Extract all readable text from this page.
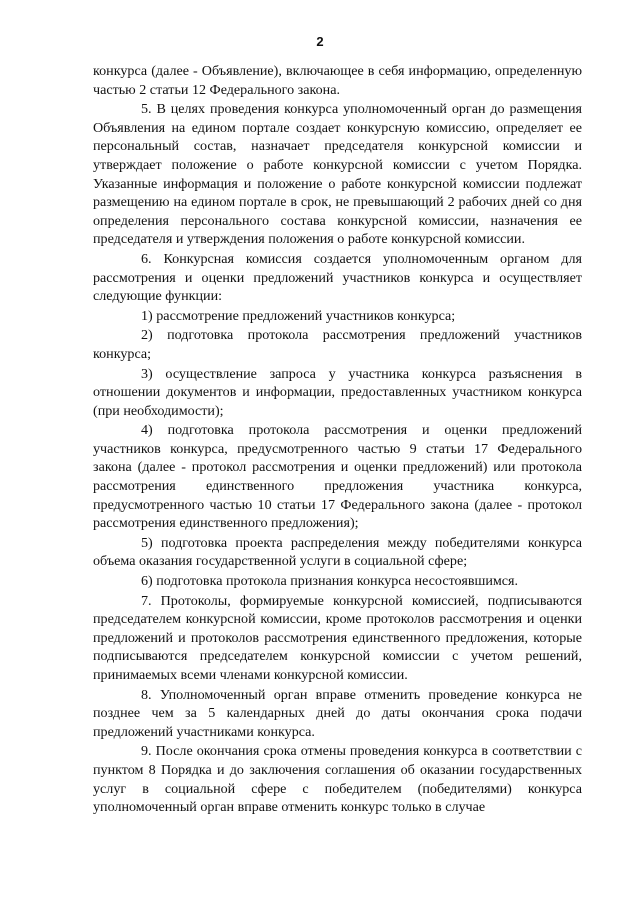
2

конкурса (далее - Объявление), включающее в себя информацию, определенную частью 2 статьи 12 Федерального закона.

5. В целях проведения конкурса уполномоченный орган до размещения Объявления на едином портале создает конкурсную комиссию, определяет ее персональный состав, назначает председателя конкурсной комиссии и утверждает положение о работе конкурсной комиссии с учетом Порядка. Указанные информация и положение о работе конкурсной комиссии подлежат размещению на едином портале в срок, не превышающий 2 рабочих дней со дня определения персонального состава конкурсной комиссии, назначения ее председателя и утверждения положения о работе конкурсной комиссии.

6. Конкурсная комиссия создается уполномоченным органом для рассмотрения и оценки предложений участников конкурса и осуществляет следующие функции:

1) рассмотрение предложений участников конкурса;

2) подготовка протокола рассмотрения предложений участников конкурса;

3) осуществление запроса у участника конкурса разъяснения в отношении документов и информации, предоставленных участником конкурса (при необходимости);

4) подготовка протокола рассмотрения и оценки предложений участников конкурса, предусмотренного частью 9 статьи 17 Федерального закона (далее - протокол рассмотрения и оценки предложений) или протокола рассмотрения единственного предложения участника конкурса, предусмотренного частью 10 статьи 17 Федерального закона (далее - протокол рассмотрения единственного предложения);

5) подготовка проекта распределения между победителями конкурса объема оказания государственной услуги в социальной сфере;

6) подготовка протокола признания конкурса несостоявшимся.

7. Протоколы, формируемые конкурсной комиссией, подписываются председателем конкурсной комиссии, кроме протоколов рассмотрения и оценки предложений и протоколов рассмотрения единственного предложения, которые подписываются председателем конкурсной комиссии с учетом решений, принимаемых всеми членами конкурсной комиссии.

8. Уполномоченный орган вправе отменить проведение конкурса не позднее чем за 5 календарных дней до даты окончания срока подачи предложений участниками конкурса.

9. После окончания срока отмены проведения конкурса в соответствии с пунктом 8 Порядка и до заключения соглашения об оказании государственных услуг в социальной сфере с победителем (победителями) конкурса уполномоченный орган вправе отменить конкурс только в случае
